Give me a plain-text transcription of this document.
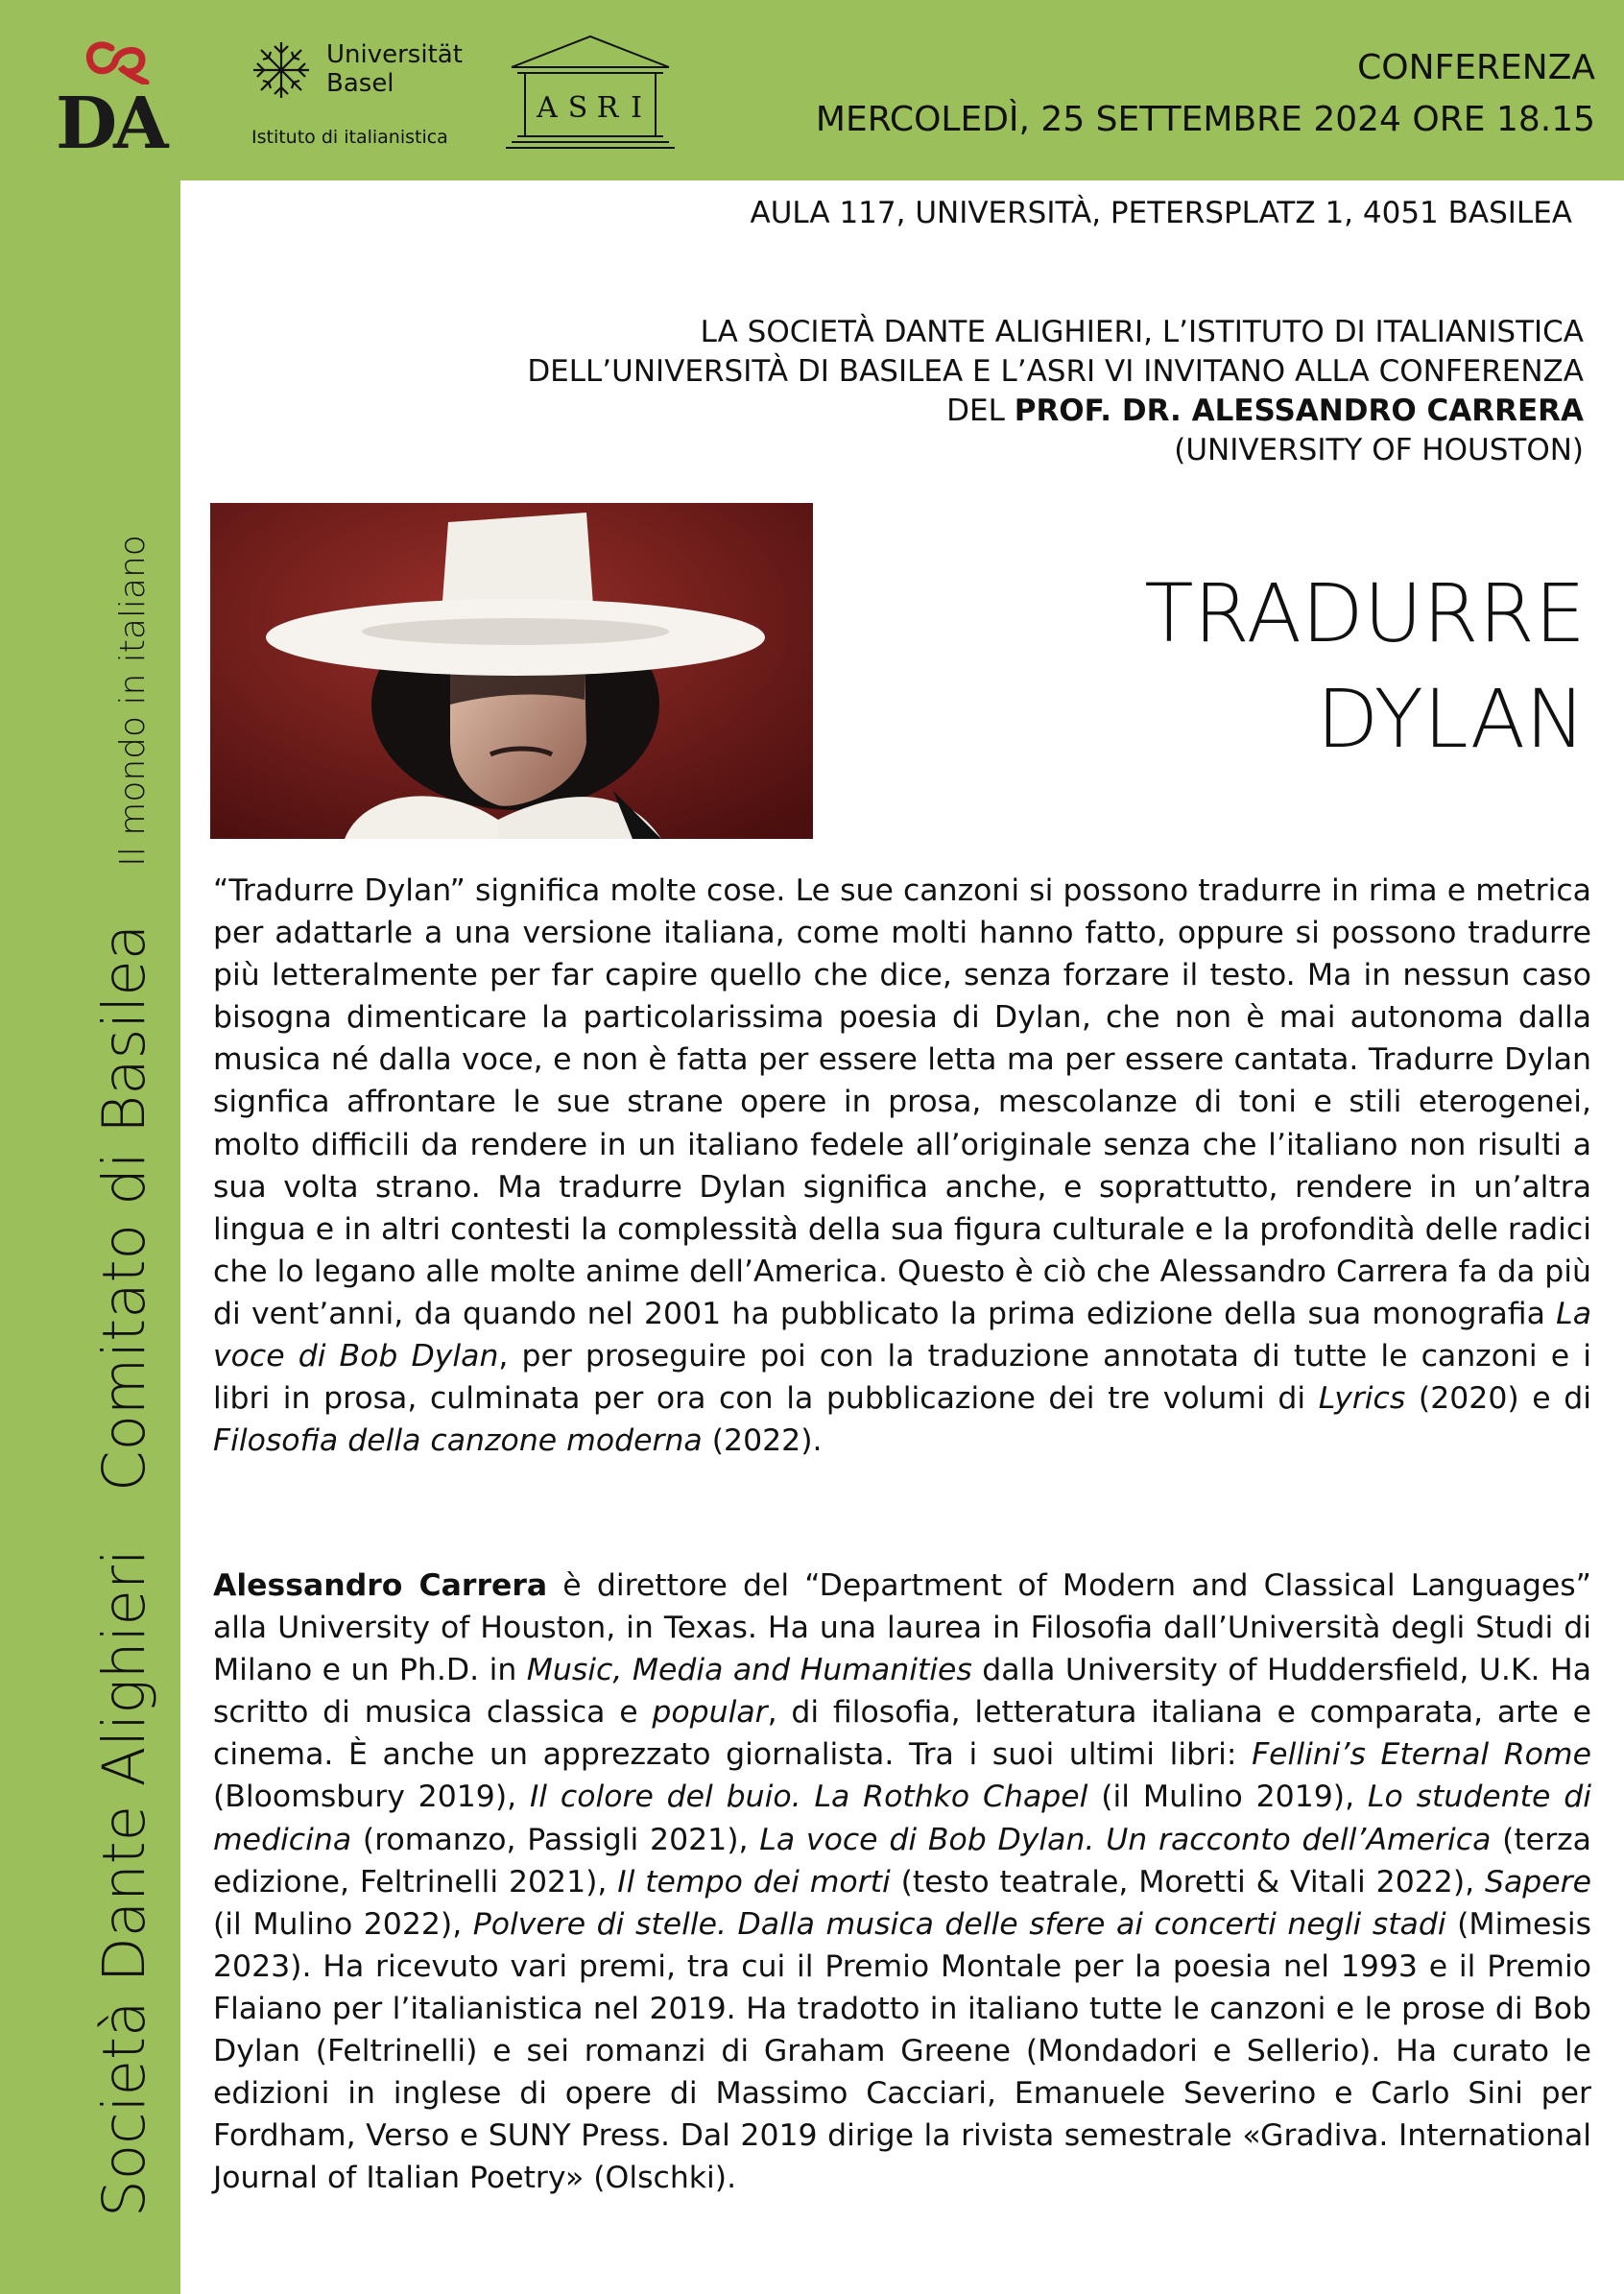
Società Dante AlighieriComitato di BasileaIl mondo in italiano
DA
Universität
Basel
Istituto di italianistica
A S R I
CONFERENZA
MERCOLEDÌ, 25 SETTEMBRE 2024 ORE 18.15
AULA 117, UNIVERSITÀ, PETERSPLATZ 1, 4051 BASILEA
LA SOCIETÀ DANTE ALIGHIERI, L’ISTITUTO DI ITALIANISTICA
DELL’UNIVERSITÀ DI BASILEA E L’ASRI VI INVITANO ALLA CONFERENZA
DEL PROF. DR. ALESSANDRO CARRERA
(UNIVERSITY OF HOUSTON)
TRADURRE
DYLAN
“Tradurre Dylan” significa molte cose. Le sue canzoni si possono tradurre in rima e metrica per adattarle a una versione italiana, come molti hanno fatto, oppure si possono tradurre più letteralmente per far capire quello che dice, senza forzare il testo. Ma in nessun caso bisogna dimenticare la particolarissima poesia di Dylan, che non è mai autonoma dalla musica né dalla voce, e non è fatta per essere letta ma per essere cantata. Tradurre Dylan signfica affrontare le sue strane opere in prosa, mescolanze di toni e stili eterogenei, molto difficili da rendere in un italiano fedele all’originale senza che l’italiano non risulti a sua volta strano. Ma tradurre Dylan significa anche, e soprattutto, rendere in un’altra lingua e in altri contesti la complessità della sua figura culturale e la profondità delle radici che lo legano alle molte anime dell’America. Questo è ciò che Alessandro Carrera fa da più di vent’anni, da quando nel 2001 ha pubblicato la prima edizione della sua monografia La voce di Bob Dylan, per proseguire poi con la traduzione annotata di tutte le canzoni e i libri in prosa, culminata per ora con la pubblicazione dei tre volumi di Lyrics (2020) e di Filosofia della canzone moderna (2022).
Alessandro Carrera è direttore del “Department of Modern and Classical Languages” alla University of Houston, in Texas. Ha una laurea in Filosofia dall’Università degli Studi di Milano e un Ph.D. in Music, Media and Humanities dalla University of Huddersfield, U.K. Ha scritto di musica classica e popular, di filosofia, letteratura italiana e comparata, arte e cinema. È anche un apprezzato giornalista. Tra i suoi ultimi libri: Fellini’s Eternal Rome (Bloomsbury 2019), Il colore del buio. La Rothko Chapel (il Mulino 2019), Lo studente di medicina (romanzo, Passigli 2021), La voce di Bob Dylan. Un racconto dell’America (terza edizione, Feltrinelli 2021), Il tempo dei morti (testo teatrale, Moretti & Vitali 2022), Sapere (il Mulino 2022), Polvere di stelle. Dalla musica delle sfere ai concerti negli stadi (Mimesis 2023). Ha ricevuto vari premi, tra cui il Premio Montale per la poesia nel 1993 e il Premio Flaiano per l’italianistica nel 2019. Ha tradotto in italiano tutte le canzoni e le prose di Bob Dylan (Feltrinelli) e sei romanzi di Graham Greene (Mondadori e Sellerio). Ha curato le edizioni in inglese di opere di Massimo Cacciari, Emanuele Severino e Carlo Sini per Fordham, Verso e SUNY Press. Dal 2019 dirige la rivista semestrale «Gradiva. International Journal of Italian Poetry» (Olschki).
